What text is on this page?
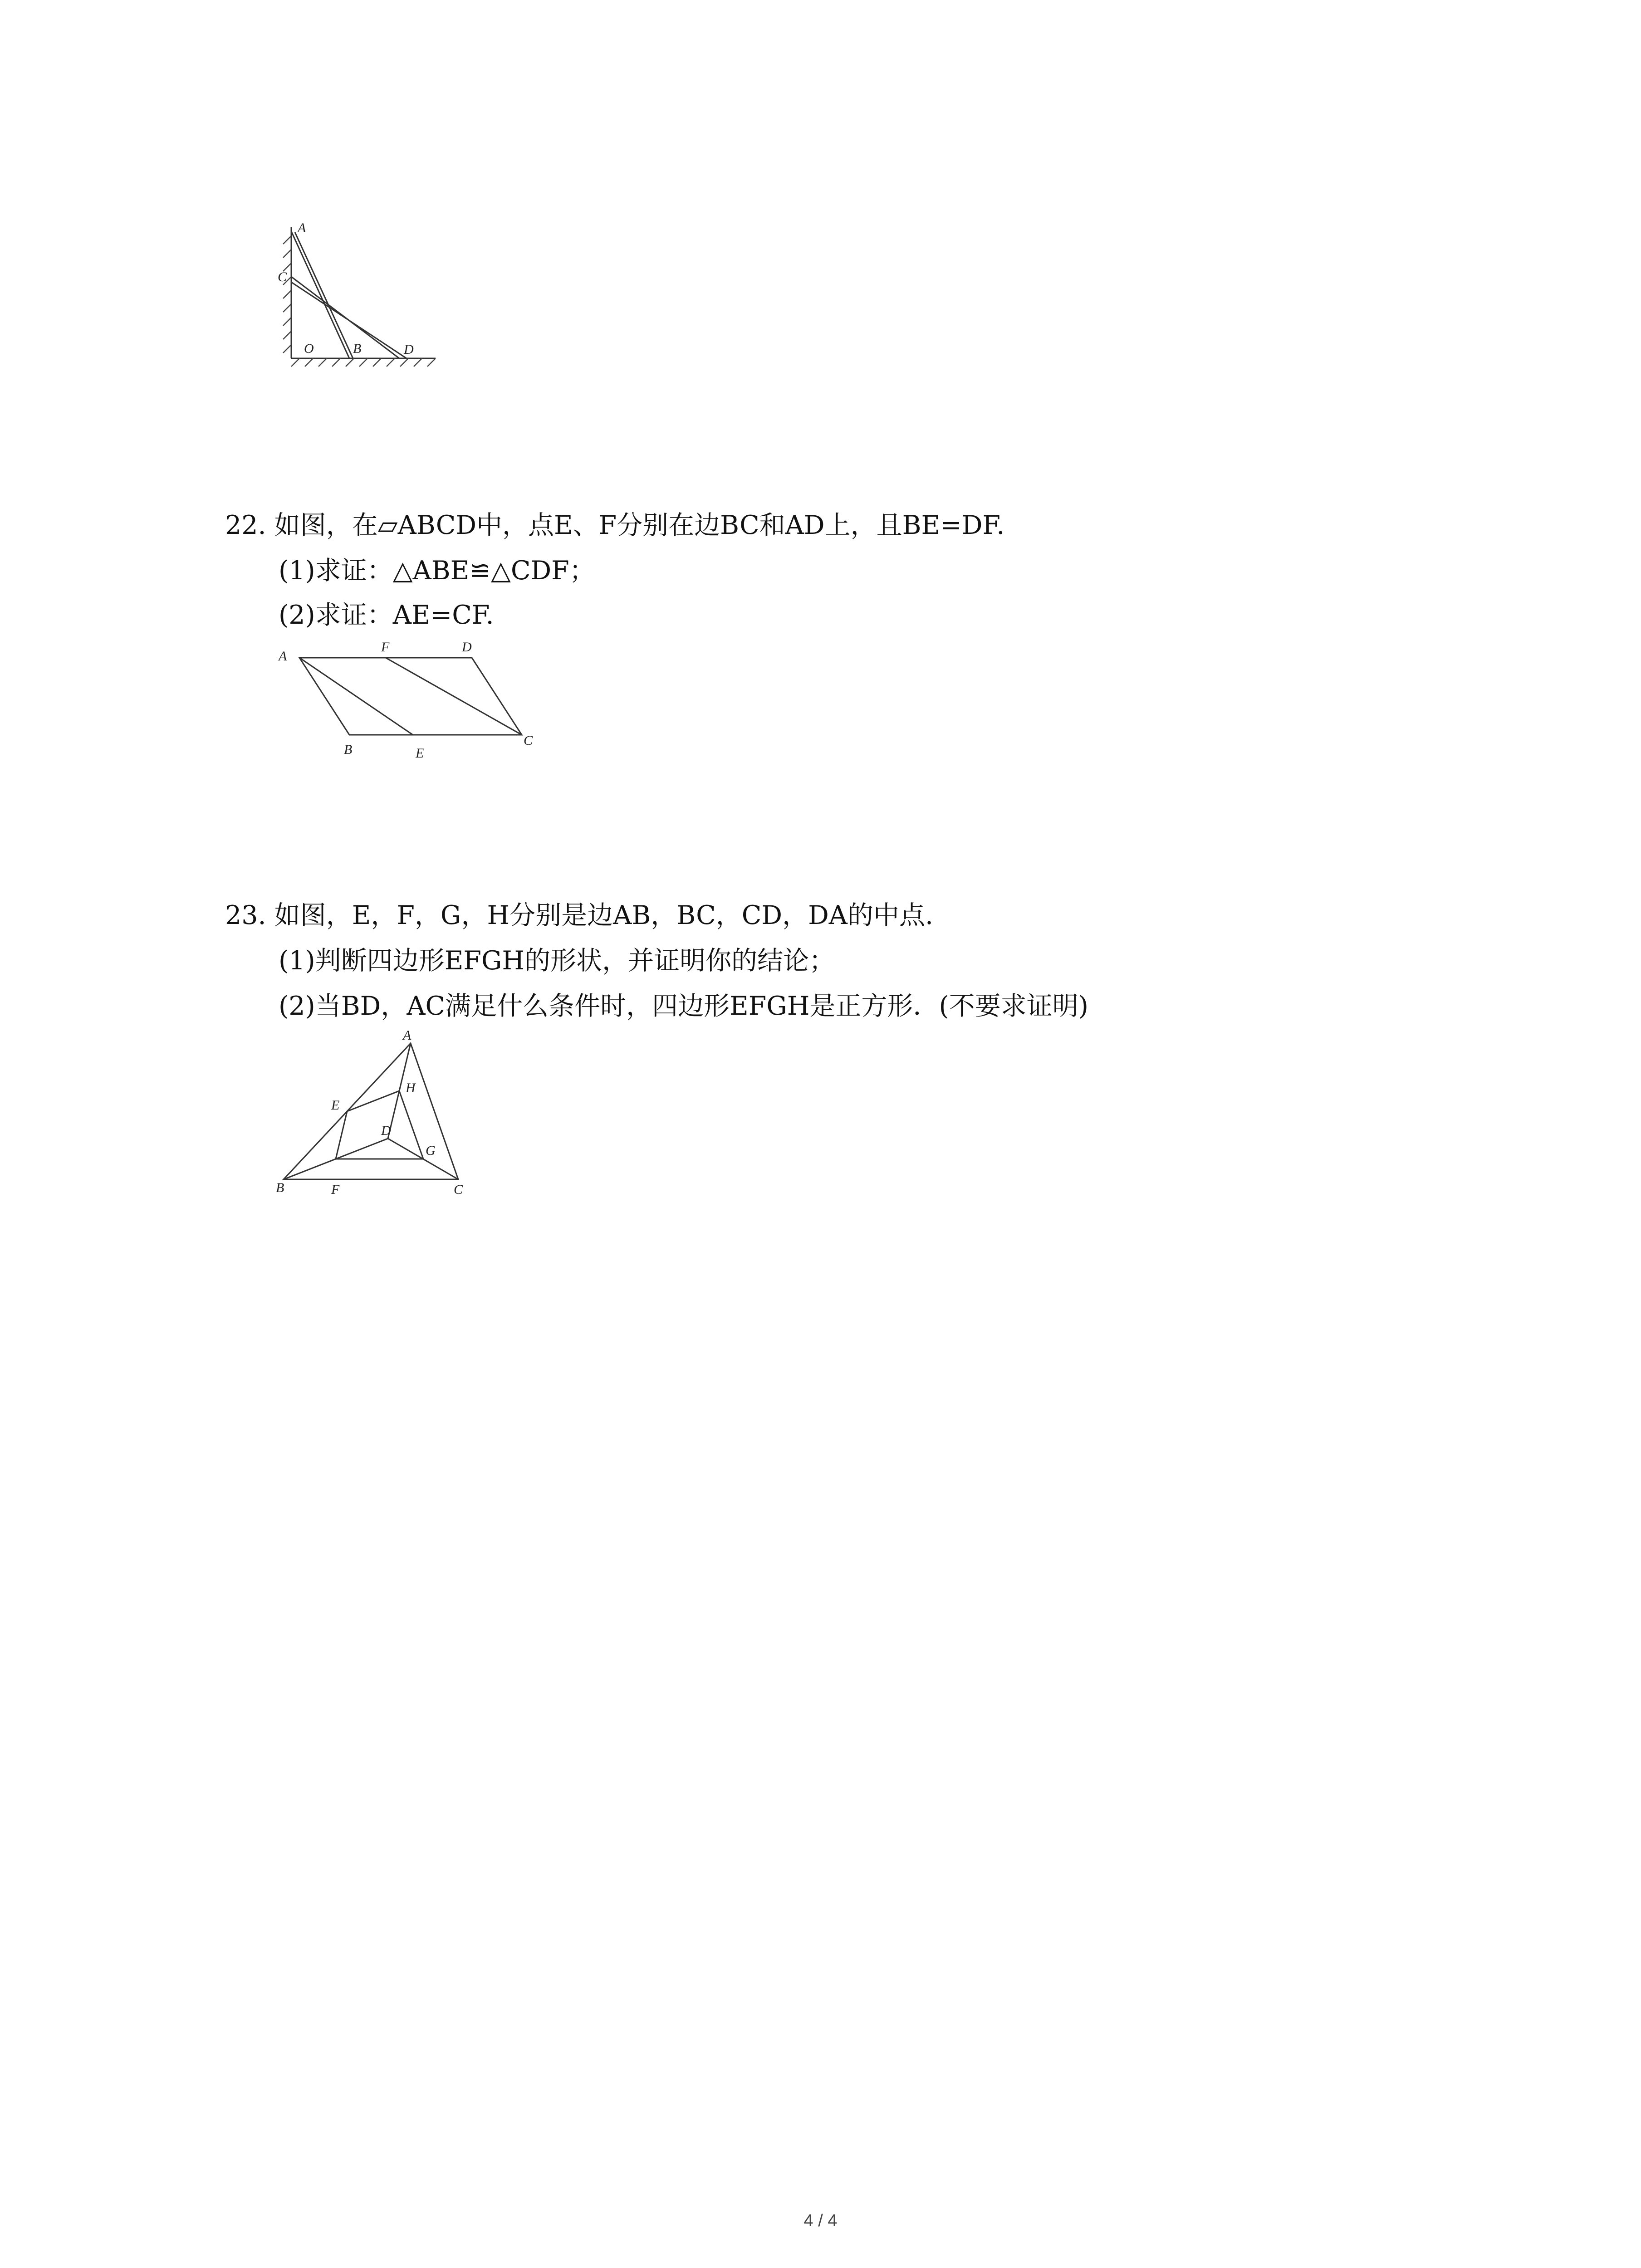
A
C
O	B	D
22. 如图，在▱ABCD中，点E、F分别在边BC和AD上，且BE=DF.
(1)求证：△ABE≌△CDF；
(2)求证：AE=CF.
A
F	D
B	E
C
23. 如图，E，F，G，H分别是边AB，BC，CD，DA的中点.
(1)判断四边形EFGH的形状，并证明你的结论；
(2)当BD，AC满足什么条件时，四边形EFGH是正方形．(不要求证明)
A
H
E
D
G
B	F	C
4 / 4
